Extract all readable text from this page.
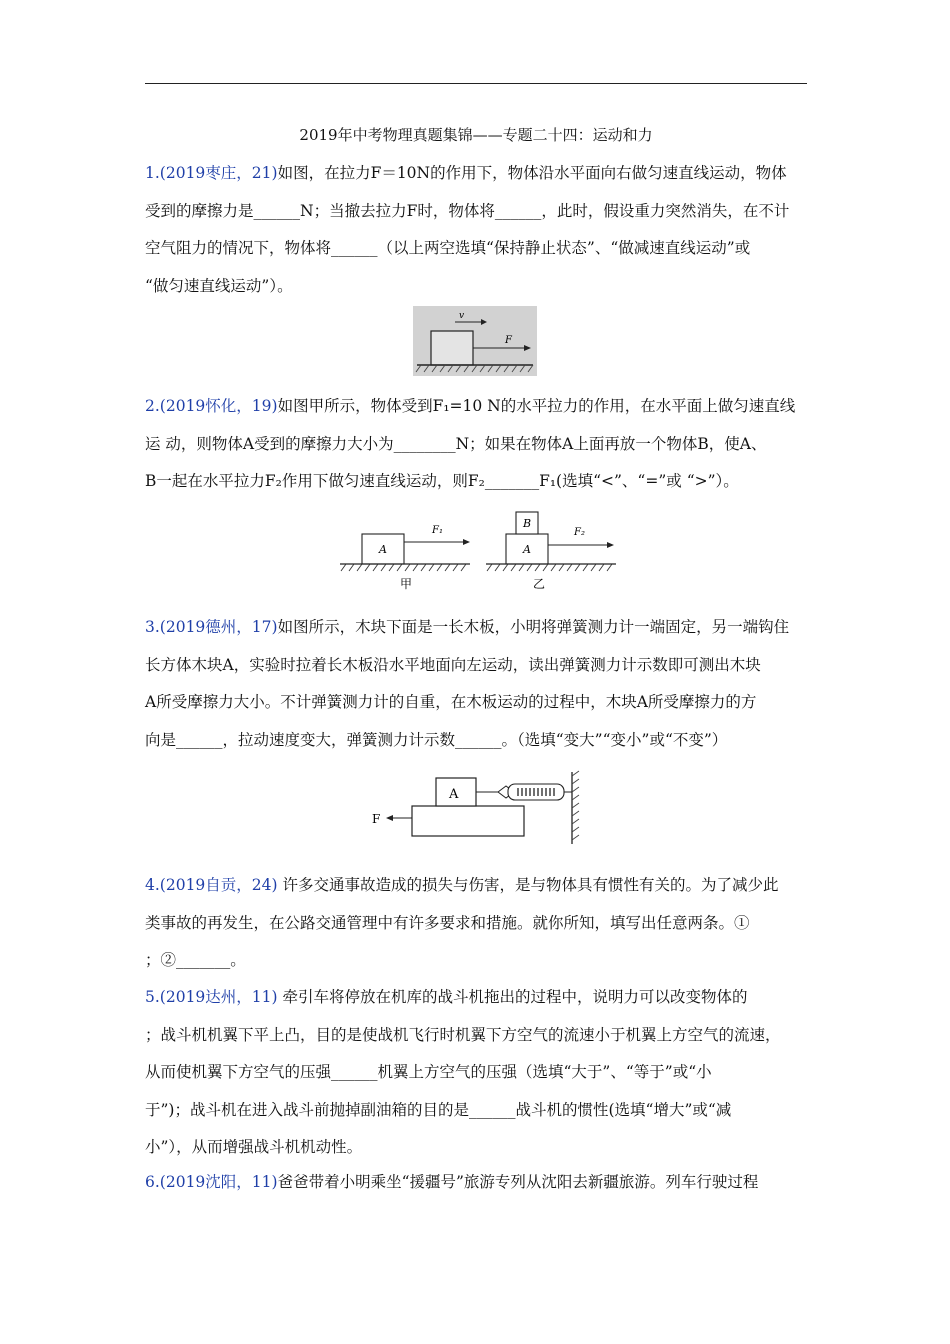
2019年中考物理真题集锦——专题二十四：运动和力
1.(2019枣庄，21)如图，在拉力F＝10N的作用下，物体沿水平面向右做匀速直线运动，物体
受到的摩擦力是______N；当撤去拉力F时，物体将______，此时，假设重力突然消失，在不计
空气阻力的情况下，物体将______（以上两空选填“保持静止状态”、“做减速直线运动”或
“做匀速直线运动”）。
v
F
2.(2019怀化，19)如图甲所示，物体受到F₁=10 N的水平拉力的作用，在水平面上做匀速直线
运 动，则物体A受到的摩擦力大小为________N；如果在物体A上面再放一个物体B，使A、
B一起在水平拉力F₂作用下做匀速直线运动，则F₂_______F₁(选填“<”、“=”或 “>”）。
A
F₁
甲
A
B
F₂
乙
3.(2019德州，17)如图所示，木块下面是一长木板，小明将弹簧测力计一端固定，另一端钩住
长方体木块A，实验时拉着长木板沿水平地面向左运动，读出弹簧测力计示数即可测出木块
A所受摩擦力大小。不计弹簧测力计的自重，在木板运动的过程中，木块A所受摩擦力的方
向是______，拉动速度变大，弹簧测力计示数______。（选填“变大”“变小”或“不变”）
A
F
4.(2019自贡，24) 许多交通事故造成的损失与伤害，是与物体具有惯性有关的。为了减少此
类事故的再发生，在公路交通管理中有许多要求和措施。就你所知，填写出任意两条。①
；②_______。
5.(2019达州，11) 牵引车将停放在机库的战斗机拖出的过程中，说明力可以改变物体的
；战斗机机翼下平上凸，目的是使战机飞行时机翼下方空气的流速小于机翼上方空气的流速，
从而使机翼下方空气的压强______机翼上方空气的压强（选填“大于”、“等于”或“小
于”)；战斗机在进入战斗前抛掉副油箱的目的是______战斗机的惯性(选填“增大”或“减
小”），从而增强战斗机机动性。
6.(2019沈阳，11)爸爸带着小明乘坐“援疆号”旅游专列从沈阳去新疆旅游。列车行驶过程
